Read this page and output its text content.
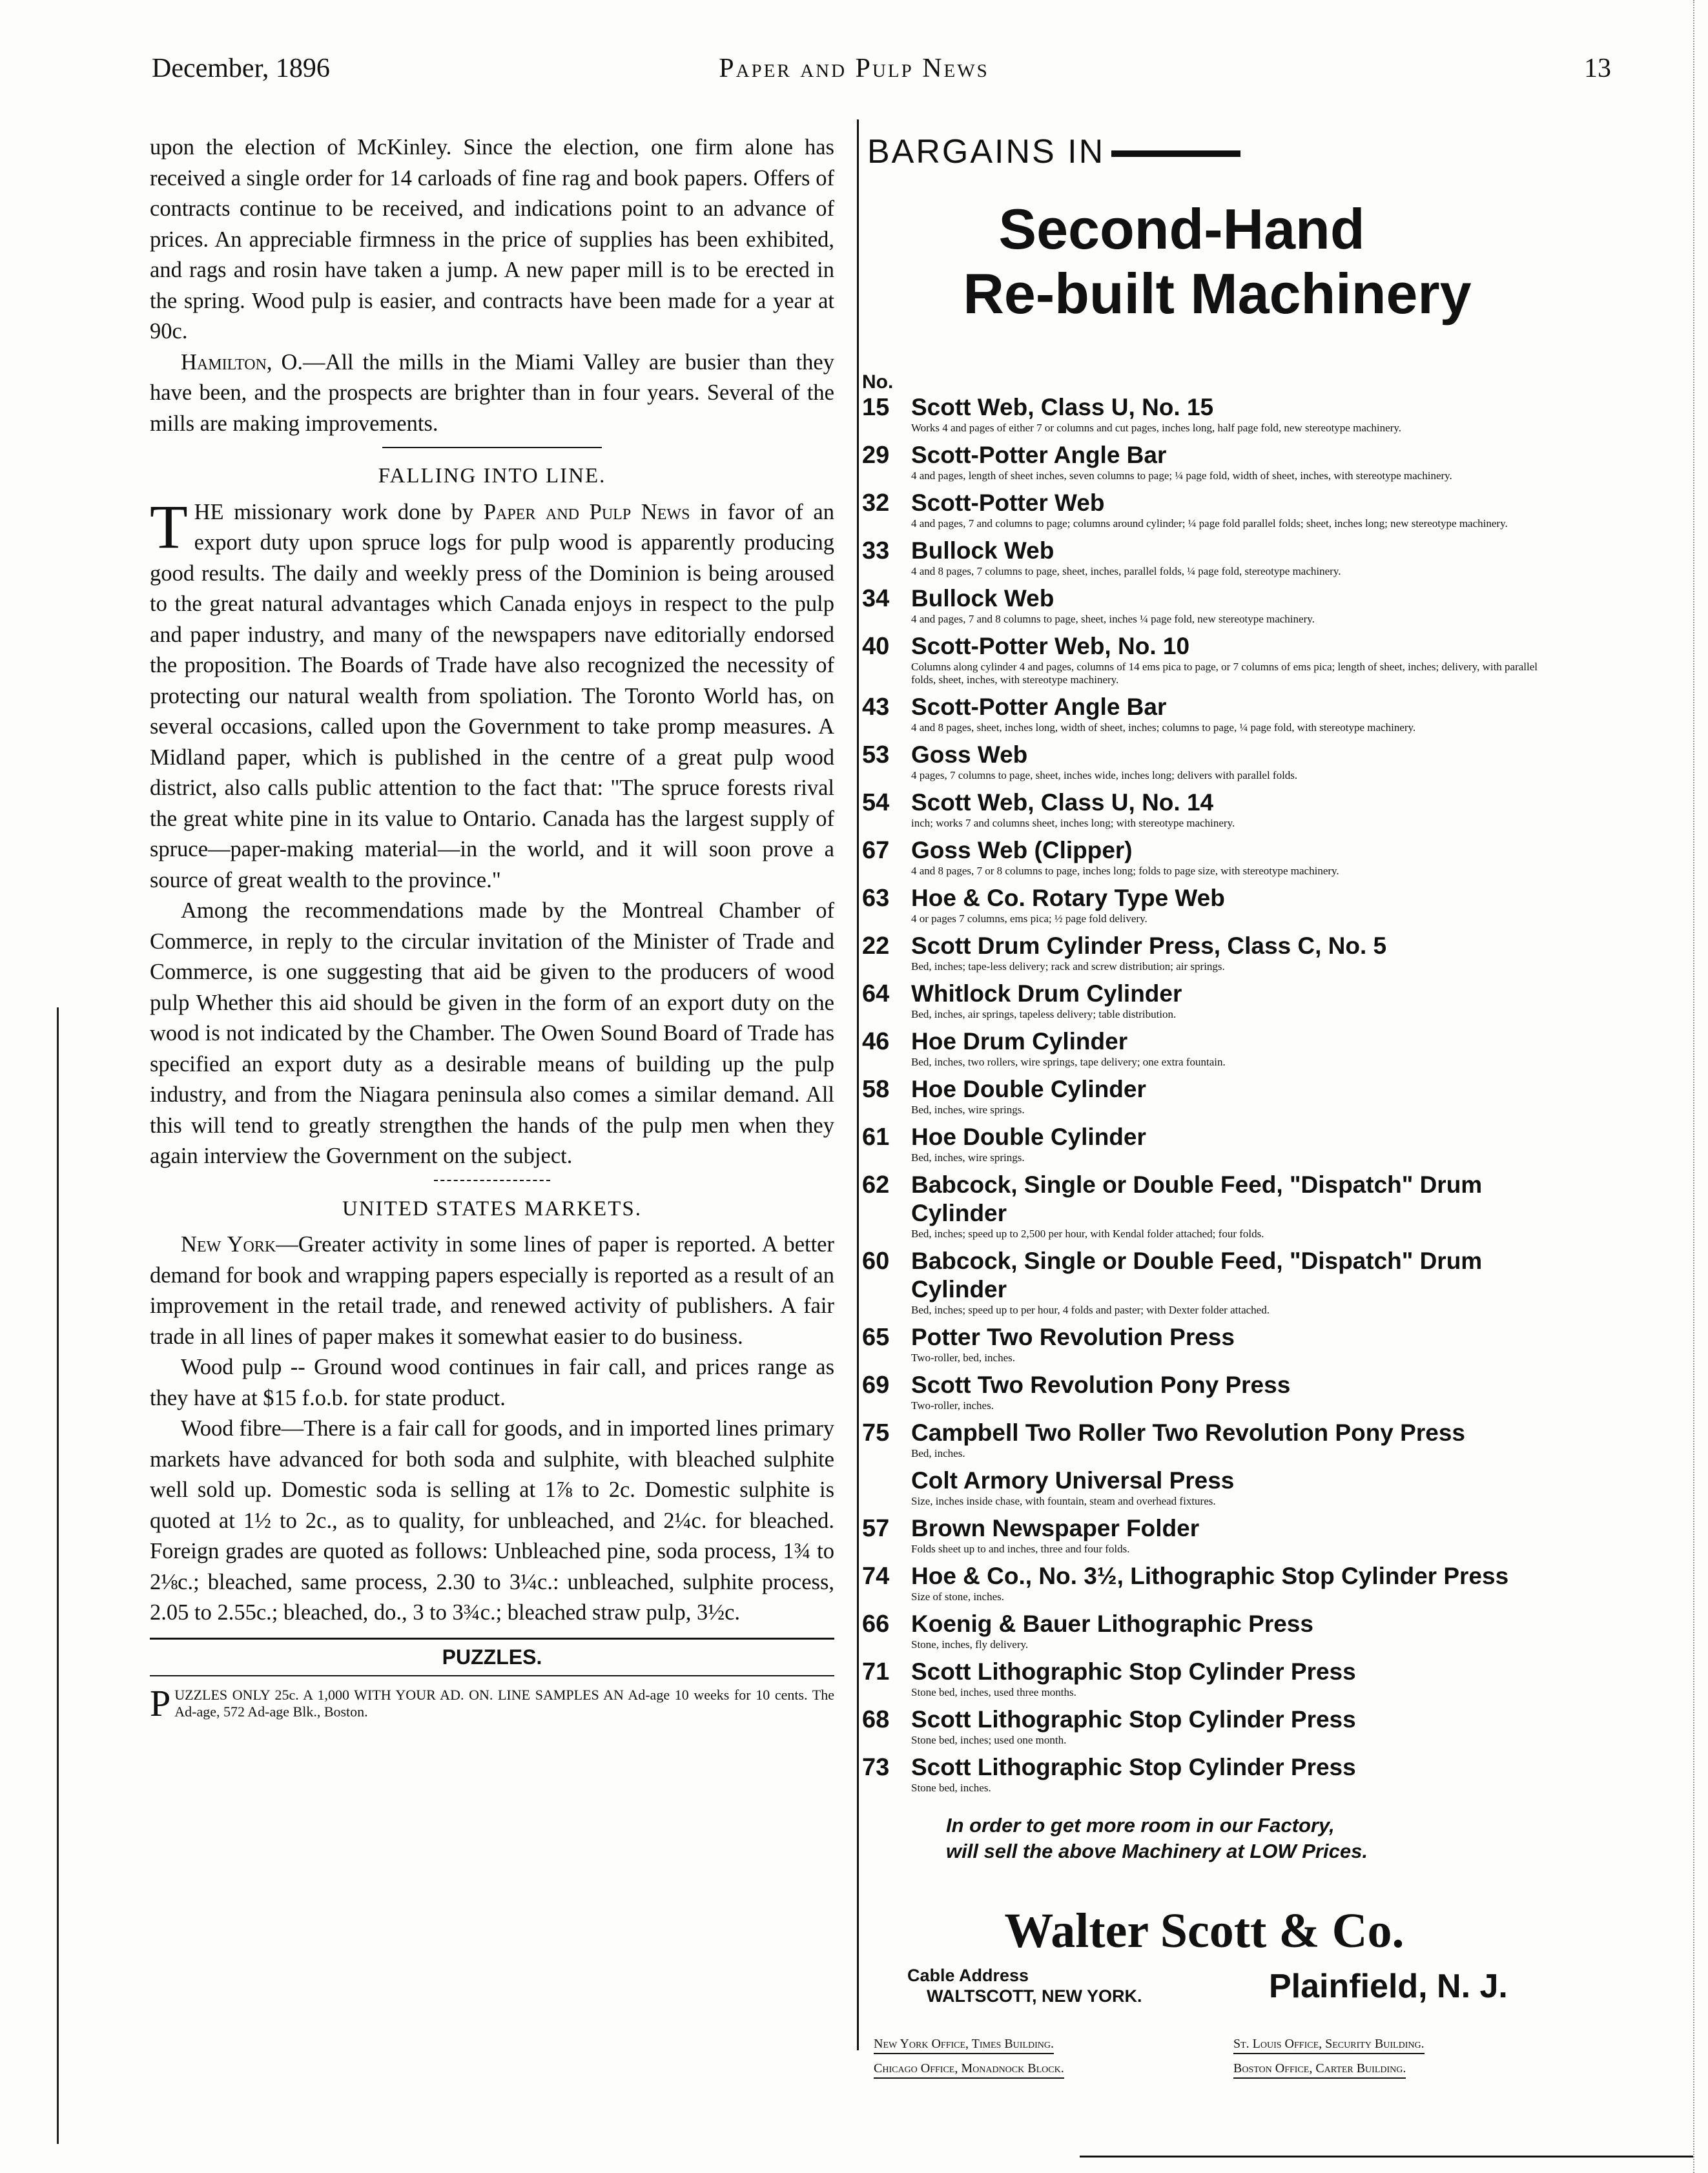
December, 1896	Paper and Pulp News	13

upon the election of McKinley. Since the election, one firm alone has received a single order for 14 carloads of fine rag and book papers. Offers of contracts continue to be received, and indications point to an advance of prices. An appreciable firmness in the price of supplies has been exhibited, and rags and rosin have taken a jump. A new paper mill is to be erected in the spring. Wood pulp is easier, and contracts have been made for a year at 90c.

Hamilton, O.—All the mills in the Miami Valley are busier than they have been, and the prospects are brighter than in four years. Several of the mills are making improvements.

FALLING INTO LINE.

THE missionary work done by Paper and Pulp News in favor of an export duty upon spruce logs for pulp wood is apparently producing good results. The daily and weekly press of the Dominion is being aroused to the great natural advantages which Canada enjoys in respect to the pulp and paper industry, and many of the newspapers nave editorially endorsed the proposition. The Boards of Trade have also recognized the necessity of protecting our natural wealth from spoliation. The Toronto World has, on several occasions, called upon the Government to take promp measures. A Midland paper, which is published in the centre of a great pulp wood district, also calls public attention to the fact that: "The spruce forests rival the great white pine in its value to Ontario. Canada has the largest supply of spruce—paper-making material—in the world, and it will soon prove a source of great wealth to the province."

Among the recommendations made by the Montreal Chamber of Commerce, in reply to the circular invitation of the Minister of Trade and Commerce, is one suggesting that aid be given to the producers of wood pulp Whether this aid should be given in the form of an export duty on the wood is not indicated by the Chamber. The Owen Sound Board of Trade has specified an export duty as a desirable means of building up the pulp industry, and from the Niagara peninsula also comes a similar demand. All this will tend to greatly strengthen the hands of the pulp men when they again interview the Government on the subject.

UNITED STATES MARKETS.

New York—Greater activity in some lines of paper is reported. A better demand for book and wrapping papers especially is reported as a result of an improvement in the retail trade, and renewed activity of publishers. A fair trade in all lines of paper makes it somewhat easier to do business.

Wood pulp -- Ground wood continues in fair call, and prices range as they have at $15 f.o.b. for state product.

Wood fibre—There is a fair call for goods, and in imported lines primary markets have advanced for both soda and sulphite, with bleached sulphite well sold up. Domestic soda is selling at 1⅞ to 2c. Domestic sulphite is quoted at 1½ to 2c., as to quality, for unbleached, and 2¼c. for bleached. Foreign grades are quoted as follows: Unbleached pine, soda process, 1¾ to 2⅛c.; bleached, same process, 2.30 to 3¼c.: unbleached, sulphite process, 2.05 to 2.55c.; bleached, do., 3 to 3¾c.; bleached straw pulp, 3½c.

PUZZLES.
PUZZLES ONLY 25c. A 1,000 WITH YOUR AD. ON. LINE SAMPLES AN Ad-age 10 weeks for 10 cents. The Ad-age, 572 Ad-age Blk., Boston.
BARGAINS IN
Second-Hand
Re-built Machinery
No.
15 Scott Web, Class U, No. 15
Works 4 and pages of either 7 or columns and cut pages, inches long, half page fold, new stereotype machinery.
29 Scott-Potter Angle Bar
4 and pages, length of sheet inches, seven columns to page; ¼ page fold, width of sheet, inches, with stereotype machinery.
32 Scott-Potter Web
4 and pages, 7 and columns to page; columns around cylinder; ¼ page fold parallel folds; sheet, inches long; new stereotype machinery.
33 Bullock Web
4 and 8 pages, 7 columns to page, sheet, inches, parallel folds, ¼ page fold, stereotype machinery.
34 Bullock Web
4 and pages, 7 and 8 columns to page, sheet, inches ¼ page fold, new stereotype machinery.
40 Scott-Potter Web, No. 10
Columns along cylinder 4 and pages, columns of 14 ems pica to page, or 7 columns of ems pica; length of sheet, inches; delivery, with parallel folds, sheet, inches, with stereotype machinery.
43 Scott-Potter Angle Bar
4 and 8 pages, sheet, inches long, width of sheet, inches; columns to page, ¼ page fold, with stereotype machinery.
53 Goss Web
4 pages, 7 columns to page, sheet, inches wide, inches long; delivers with parallel folds.
54 Scott Web, Class U, No. 14
inch; works 7 and columns sheet, inches long; with stereotype machinery.
67 Goss Web (Clipper)
4 and 8 pages, 7 or 8 columns to page, inches long; folds to page size, with stereotype machinery.
63 Hoe & Co. Rotary Type Web
4 or pages 7 columns, ems pica; ½ page fold delivery.
22 Scott Drum Cylinder Press, Class C, No. 5
Bed, inches; tape-less delivery; rack and screw distribution; air springs.
64 Whitlock Drum Cylinder
Bed, inches, air springs, tapeless delivery; table distribution.
46 Hoe Drum Cylinder
Bed, inches, two rollers, wire springs, tape delivery; one extra fountain.
58 Hoe Double Cylinder
Bed, inches, wire springs.
61 Hoe Double Cylinder
Bed, inches, wire springs.
62 Babcock, Single or Double Feed, "Dispatch" Drum Cylinder
Bed, inches; speed up to 2,500 per hour, with Kendal folder attached; four folds.
60 Babcock, Single or Double Feed, "Dispatch" Drum Cylinder
Bed, inches; speed up to per hour, 4 folds and paster; with Dexter folder attached.
65 Potter Two Revolution Press
Two-roller, bed, inches.
69 Scott Two Revolution Pony Press
Two-roller, inches.
75 Campbell Two Roller Two Revolution Pony Press
Bed, inches.
Colt Armory Universal Press
Size, inches inside chase, with fountain, steam and overhead fixtures.
57 Brown Newspaper Folder
Folds sheet up to and inches, three and four folds.
74 Hoe & Co., No. 3½, Lithographic Stop Cylinder Press
Size of stone, inches.
66 Koenig & Bauer Lithographic Press
Stone, inches, fly delivery.
71 Scott Lithographic Stop Cylinder Press
Stone bed, inches, used three months.
68 Scott Lithographic Stop Cylinder Press
Stone bed, inches; used one month.
73 Scott Lithographic Stop Cylinder Press
Stone bed, inches.
In order to get more room in our Factory,
will sell the above Machinery at LOW Prices.
Walter Scott & Co.
Cable Address
WALTSCOTT, NEW YORK.	Plainfield, N. J.
New York Office, Times Building.	St. Louis Office, Security Building.
Chicago Office, Monadnock Block.	Boston Office, Carter Building.
